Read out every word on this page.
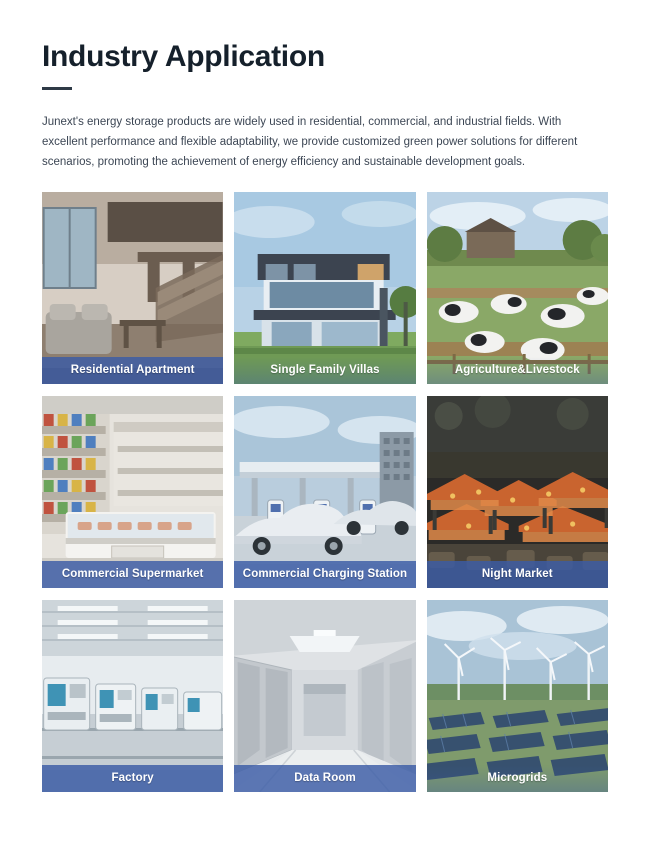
Industry Application

Junext's energy storage products are widely used in residential, commercial, and industrial fields. With excellent performance and flexible adaptability, we provide customized green power solutions for different scenarios, promoting the achievement of energy efficiency and sustainable development goals.

Residential Apartment	Single Family Villas	Agriculture&Livestock
Commercial Supermarket	Commercial Charging Station	Night Market
Factory	Data Room	Microgrids
